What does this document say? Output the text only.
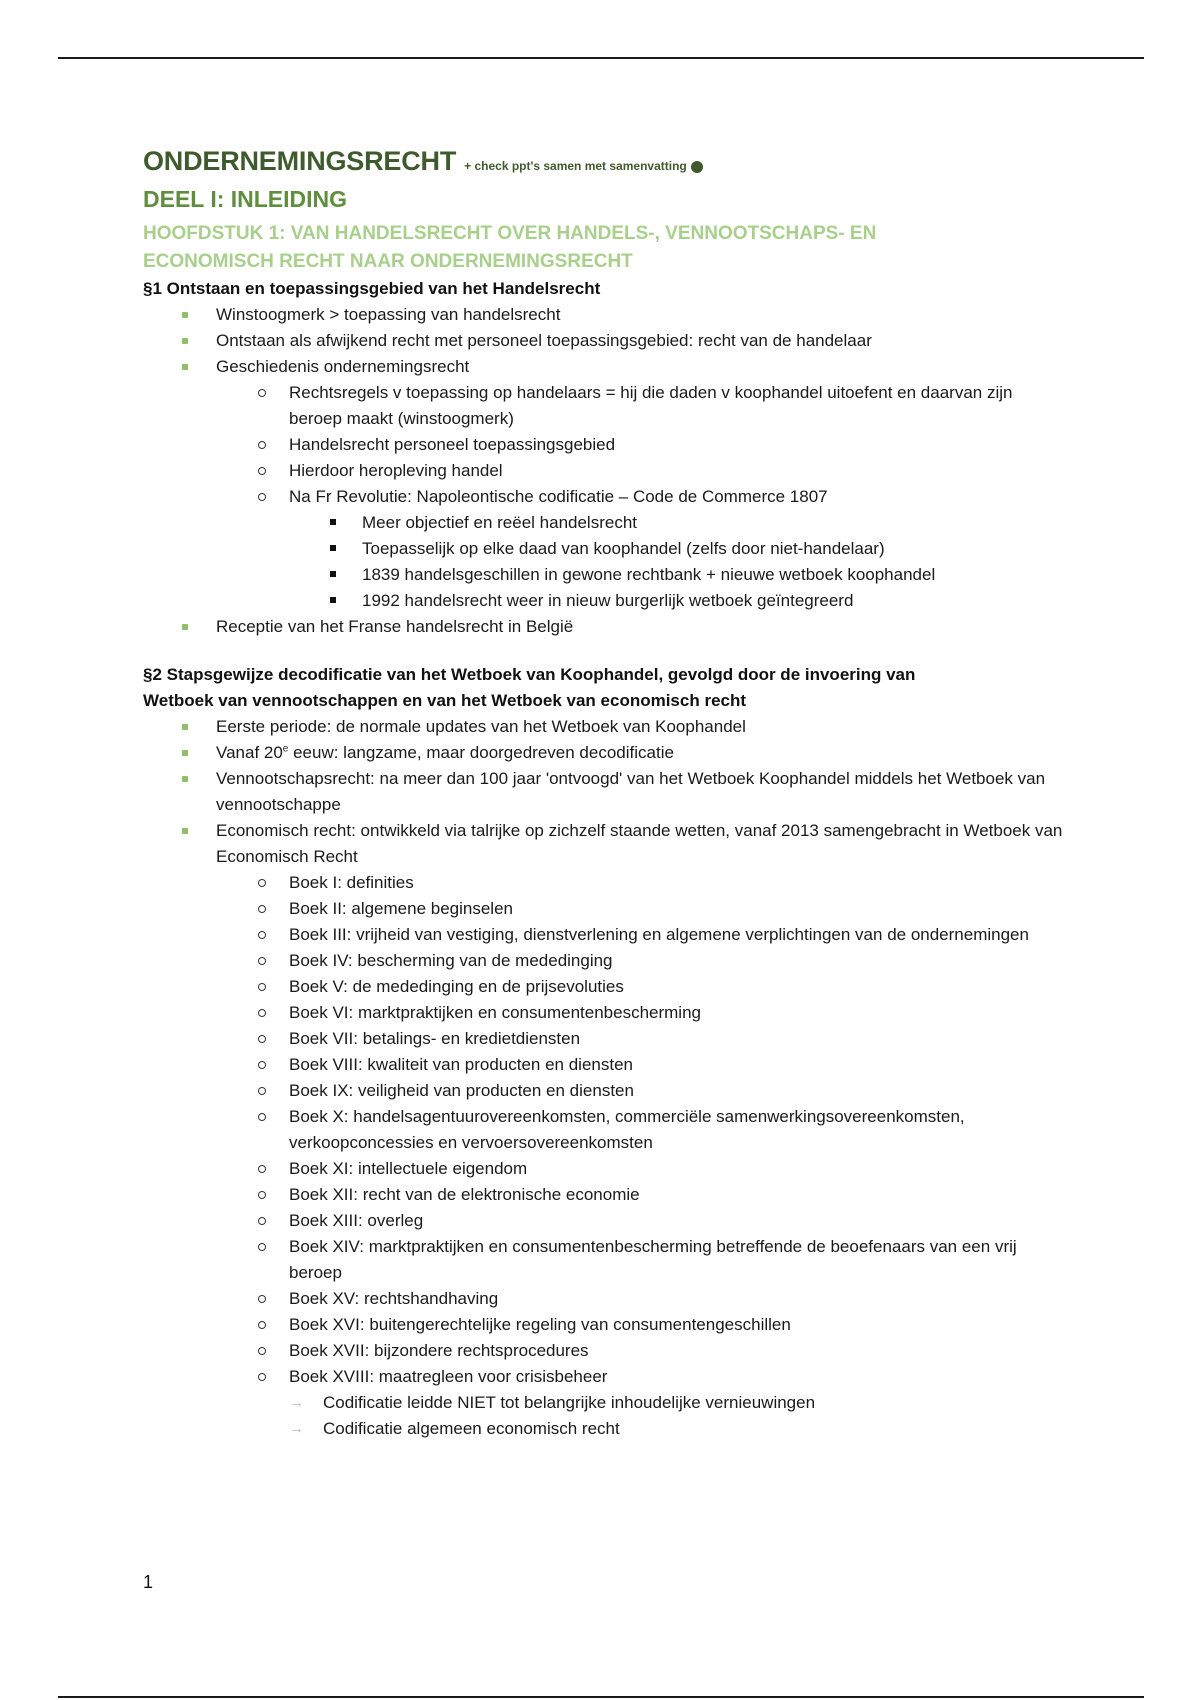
ONDERNEMINGSRECHT + check ppt's samen met samenvatting
DEEL I: INLEIDING
HOOFDSTUK 1: VAN HANDELSRECHT OVER HANDELS-, VENNOOTSCHAPS- EN
ECONOMISCH RECHT NAAR ONDERNEMINGSRECHT

§1 Ontstaan en toepassingsgebied van het Handelsrecht

Winstoogmerk > toepassing van handelsrecht
Ontstaan als afwijkend recht met personeel toepassingsgebied: recht van de handelaar
Geschiedenis ondernemingsrecht
Rechtsregels v toepassing op handelaars = hij die daden v koophandel uitoefent en daarvan zijn beroep maakt (winstoogmerk)
Handelsrecht personeel toepassingsgebied
Hierdoor heropleving handel
Na Fr Revolutie: Napoleontische codificatie – Code de Commerce 1807
Meer objectief en reëel handelsrecht
Toepasselijk op elke daad van koophandel (zelfs door niet-handelaar)
1839 handelsgeschillen in gewone rechtbank + nieuwe wetboek koophandel
1992 handelsrecht weer in nieuw burgerlijk wetboek geïntegreerd
Receptie van het Franse handelsrecht in België

§2 Stapsgewijze decodificatie van het Wetboek van Koophandel, gevolgd door de invoering van
Wetboek van vennootschappen en van het Wetboek van economisch recht

Eerste periode: de normale updates van het Wetboek van Koophandel
Vanaf 20e eeuw: langzame, maar doorgedreven decodificatie
Vennootschapsrecht: na meer dan 100 jaar 'ontvoogd' van het Wetboek Koophandel middels het Wetboek van vennootschappe
Economisch recht: ontwikkeld via talrijke op zichzelf staande wetten, vanaf 2013 samengebracht in Wetboek van Economisch Recht
Boek I: definities
Boek II: algemene beginselen
Boek III: vrijheid van vestiging, dienstverlening en algemene verplichtingen van de ondernemingen
Boek IV: bescherming van de mededinging
Boek V: de mededinging en de prijsevoluties
Boek VI: marktpraktijken en consumentenbescherming
Boek VII: betalings- en kredietdiensten
Boek VIII: kwaliteit van producten en diensten
Boek IX: veiligheid van producten en diensten
Boek X: handelsagentuurovereenkomsten, commerciële samenwerkingsovereenkomsten, verkoopconcessies en vervoersovereenkomsten
Boek XI: intellectuele eigendom
Boek XII: recht van de elektronische economie
Boek XIII: overleg
Boek XIV: marktpraktijken en consumentenbescherming betreffende de beoefenaars van een vrij beroep
Boek XV: rechtshandhaving
Boek XVI: buitengerechtelijke regeling van consumentengeschillen
Boek XVII: bijzondere rechtsprocedures
Boek XVIII: maatregleen voor crisisbeheer
→ Codificatie leidde NIET tot belangrijke inhoudelijke vernieuwingen
→ Codificatie algemeen economisch recht
1
